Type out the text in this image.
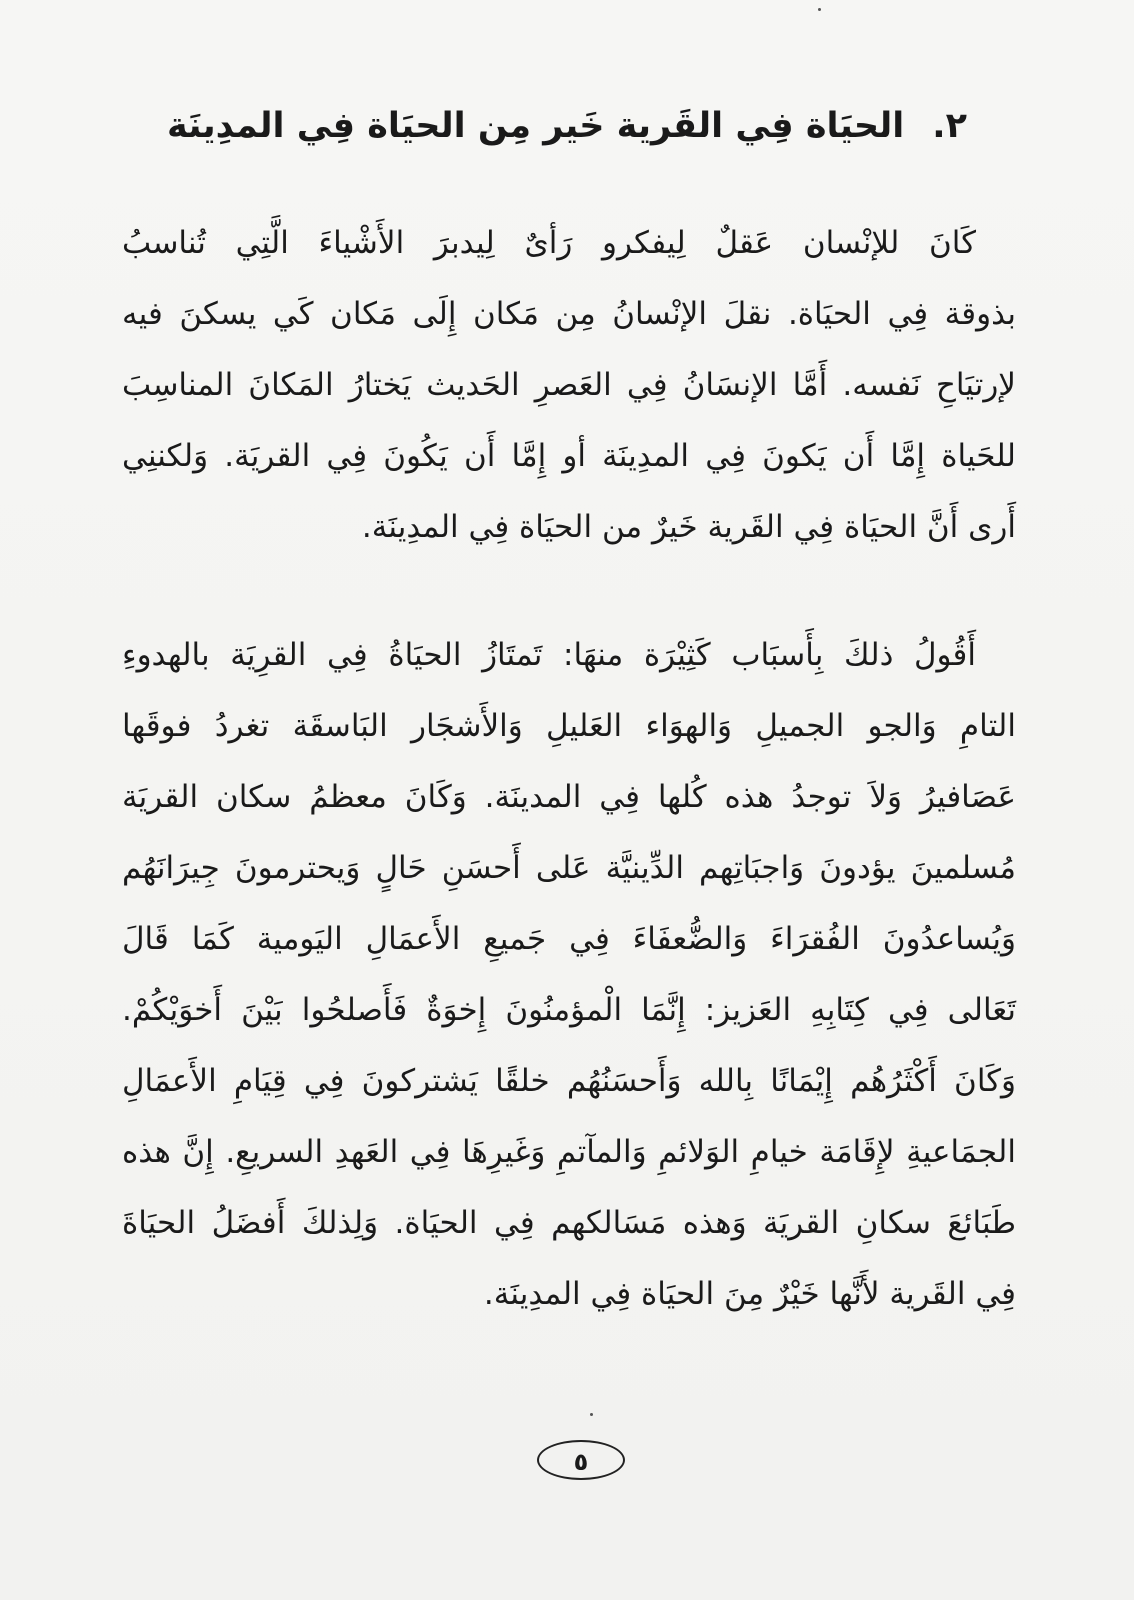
٢.الحيَاة فِي القَرية خَير مِن الحيَاة فِي المدِينَة
كَانَ للإنْسان عَقلٌ لِيفكرو رَأىٌ لِيدبرَ الأَشْياءَ الَّتِي تُناسبُ
بذوقة فِي الحيَاة. نقلَ الإنْسانُ مِن مَكان إِلَى مَكان كَي يسكنَ فيه
لإرتيَاحِ نَفسه. أَمَّا الإنسَانُ فِي العَصرِ الحَديث يَختارُ المَكانَ المناسِبَ
للحَياة إِمَّا أَن يَكونَ فِي المدِينَة أو إِمَّا أَن يَكُونَ فِي القريَة. وَلكننِي
أَرى أَنَّ الحيَاة فِي القَرية خَيرٌ من الحيَاة فِي المدِينَة.
أَقُولُ ذلكَ بِأَسبَاب كَثِيْرَة منهَا: تَمتَازُ الحيَاةُ فِي القرِيَة بالهدوءِ
التامِ وَالجو الجميلِ وَالهوَاء العَليلِ وَالأَشجَار البَاسقَة تغردُ فوقَها
عَصَافيرُ وَلاَ توجدُ هذه كُلها فِي المدينَة. وَكَانَ معظمُ سكان القريَة
مُسلمينَ يؤدونَ وَاجبَاتِهم الدِّينيَّة عَلى أَحسَنِ حَالٍ وَيحترمونَ جِيرَانَهُم
وَيُساعدُونَ الفُقرَاءَ وَالضُّعفَاءَ فِي جَميعِ الأَعمَالِ اليَومية كَمَا قَالَ
تَعَالى فِي كِتَابِهِ العَزيز: إِنَّمَا الْمؤمنُونَ إِخوَةٌ فَأَصلحُوا بَيْنَ أَخوَيْكُمْ.
وَكَانَ أَكْثَرُهُم إِيْمَانًا بِالله وَأَحسَنُهُم خلقًا يَشتركونَ فِي قِيَامِ الأَعمَالِ
الجمَاعيةِ لإِقَامَة خيامِ الوَلائمِ وَالمآتمِ وَغَيرِهَا فِي العَهدِ السريعِ. إِنَّ هذه
طَبَائعَ سكانِ القريَة وَهذه مَسَالكهم فِي الحيَاة. وَلِذلكَ أَفضَلُ الحيَاةَ
فِي القَرية لأَنَّها خَيْرٌ مِنَ الحيَاة فِي المدِينَة.
٥
